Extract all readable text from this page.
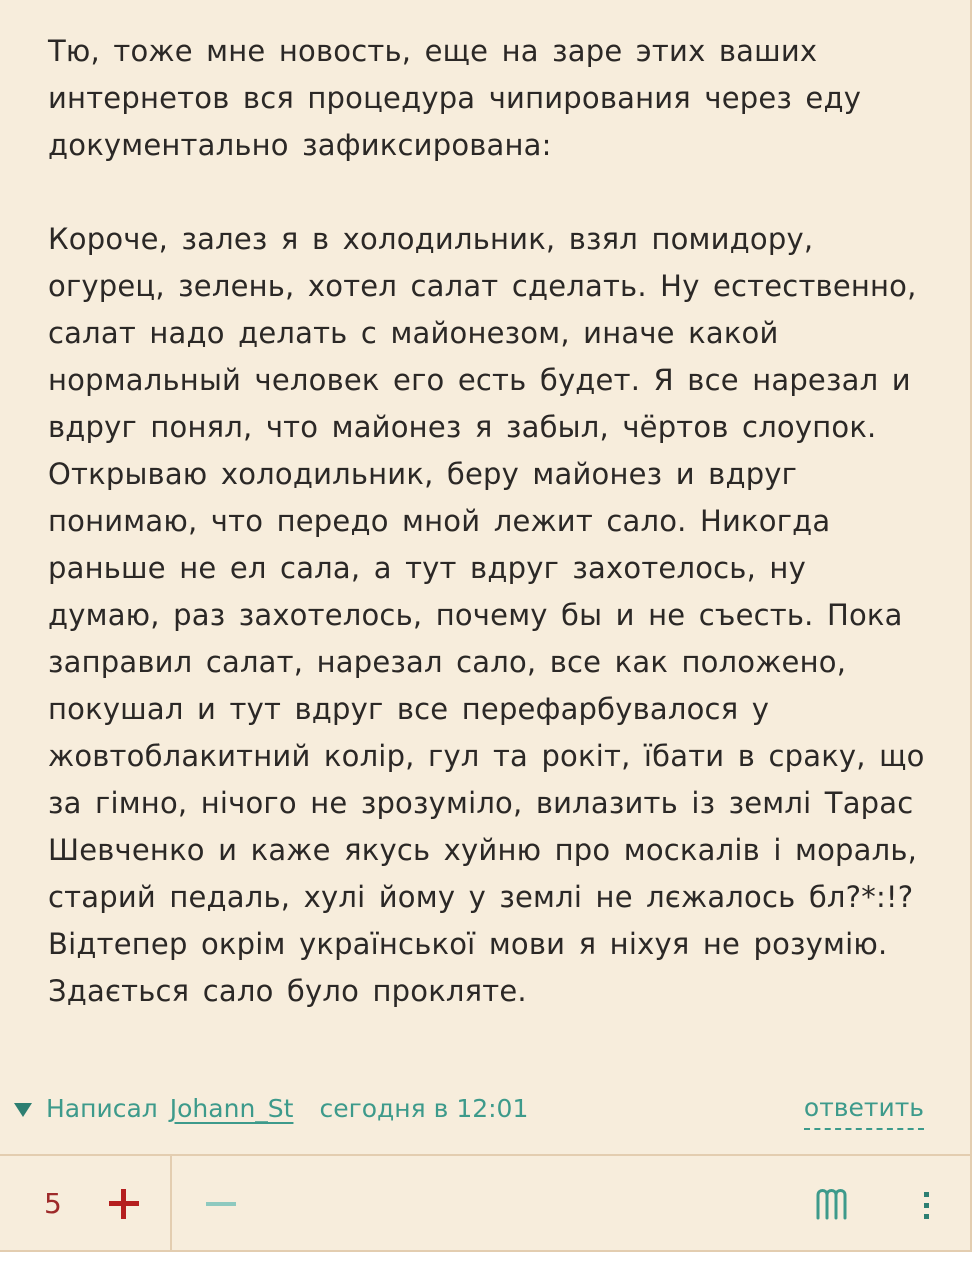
Тю, тоже мне новость, еще на заре этих ваших интернетов вся процедура чипирования через еду документально зафиксирована:

Короче, залез я в холодильник, взял помидору, огурец, зелень, хотел салат сделать. Ну естественно, салат надо делать с майонезом, иначе какой нормальный человек его есть будет. Я все нарезал и вдруг понял, что майонез я забыл, чёртов слоупок. Открываю холодильник, беру майонез и вдруг понимаю, что передо мной лежит сало. Никогда раньше не ел сала, а тут вдруг захотелось, ну думаю, раз захотелось, почему бы и не съесть. Пока заправил салат, нарезал сало, все как положено, покушал и тут вдруг все перефарбувалося у жовтоблакитний колір, гул та рокіт, їбати в сраку, що за гімно, нічого не зрозуміло, вилазить із землі Тарас Шевченко и каже якусь хуйню про москалів і мораль, старий педаль, хулі йому у землі не лєжалось бл?*:!? Відтепер окрім української мови я ніхуя не розумію. Здається сало було прокляте.

Написал Johann_St сегодня в 12:01	ответить
5
